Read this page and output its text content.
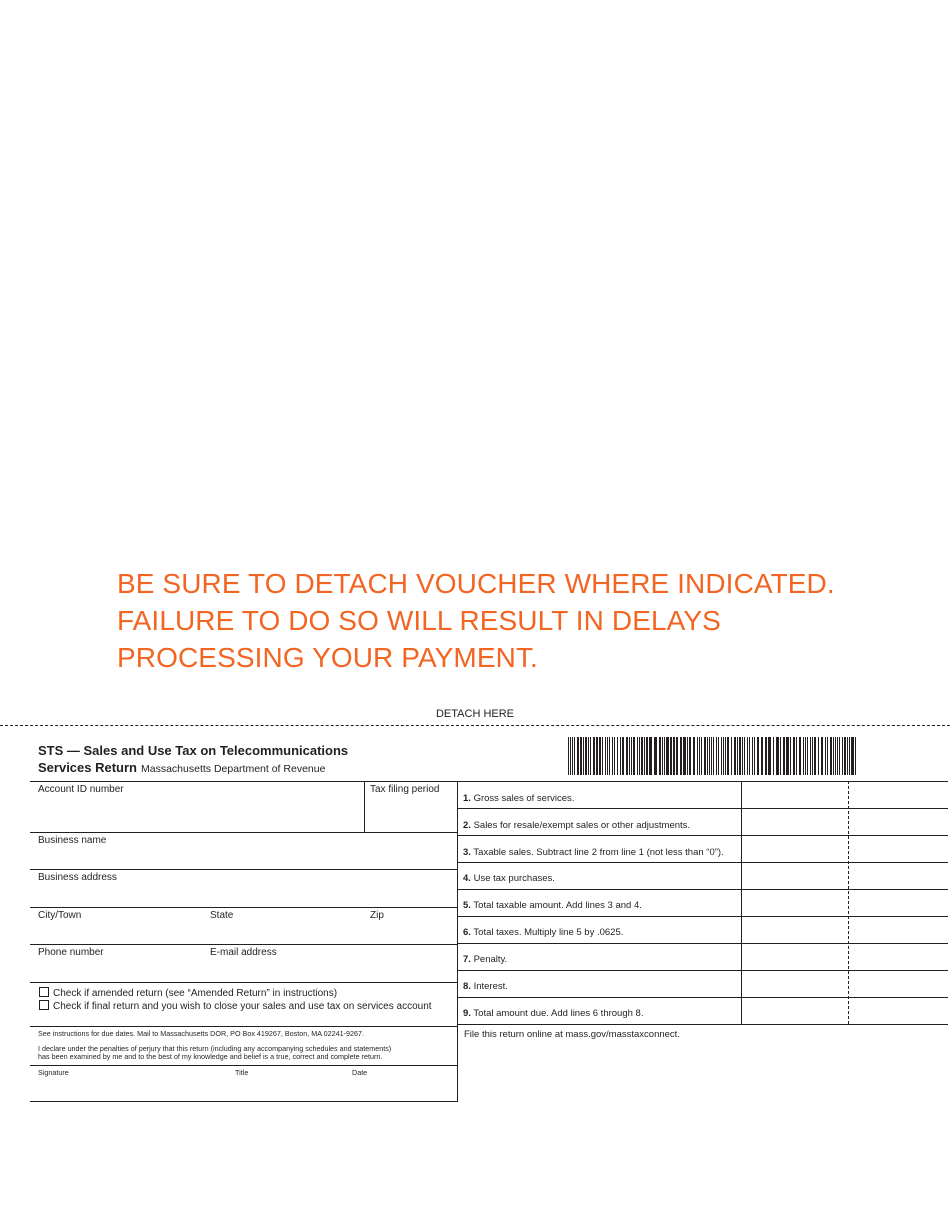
BE SURE TO DETACH VOUCHER WHERE INDICATED.
FAILURE TO DO SO WILL RESULT IN DELAYS
PROCESSING YOUR PAYMENT.
DETACH HERE
STS — Sales and Use Tax on Telecommunications
Services Return Massachusetts Department of Revenue
Account ID number	Tax filing period
Business name
Business address
City/Town	State	Zip
Phone number	E-mail address
Check if amended return (see “Amended Return” in instructions)
Check if final return and you wish to close your sales and use tax on services account
See instructions for due dates. Mail to Massachusetts DOR, PO Box 419267, Boston, MA 02241-9267.
I declare under the penalties of perjury that this return (including any accompanying schedules and statements)
has been examined by me and to the best of my knowledge and belief is a true, correct and complete return.
Signature	Title	Date
1. Gross sales of services.
2. Sales for resale/exempt sales or other adjustments.
3. Taxable sales. Subtract line 2 from line 1 (not less than “0”).
4. Use tax purchases.
5. Total taxable amount. Add lines 3 and 4.
6. Total taxes. Multiply line 5 by .0625.
7. Penalty.
8. Interest.
9. Total amount due. Add lines 6 through 8.
File this return online at mass.gov/masstaxconnect.
